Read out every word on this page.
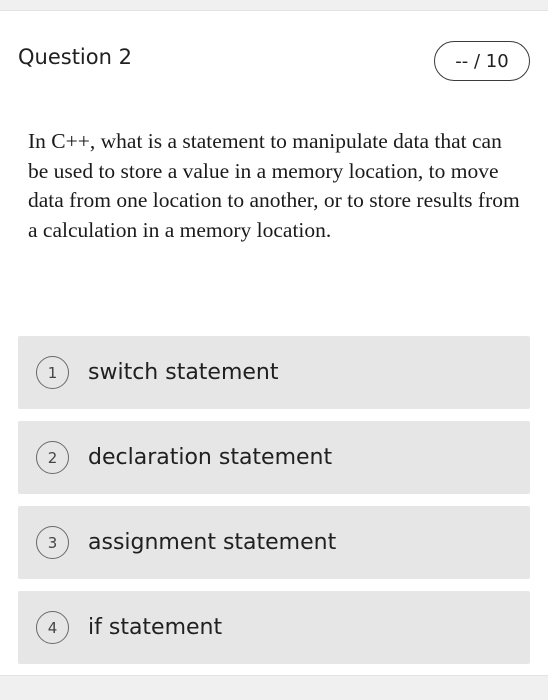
Question 2	-- / 10
In C++, what is a statement to manipulate data that can be used to store a value in a memory location, to move data from one location to another, or to store results from a calculation in a memory location.
1	switch statement
2	declaration statement
3	assignment statement
4	if statement
